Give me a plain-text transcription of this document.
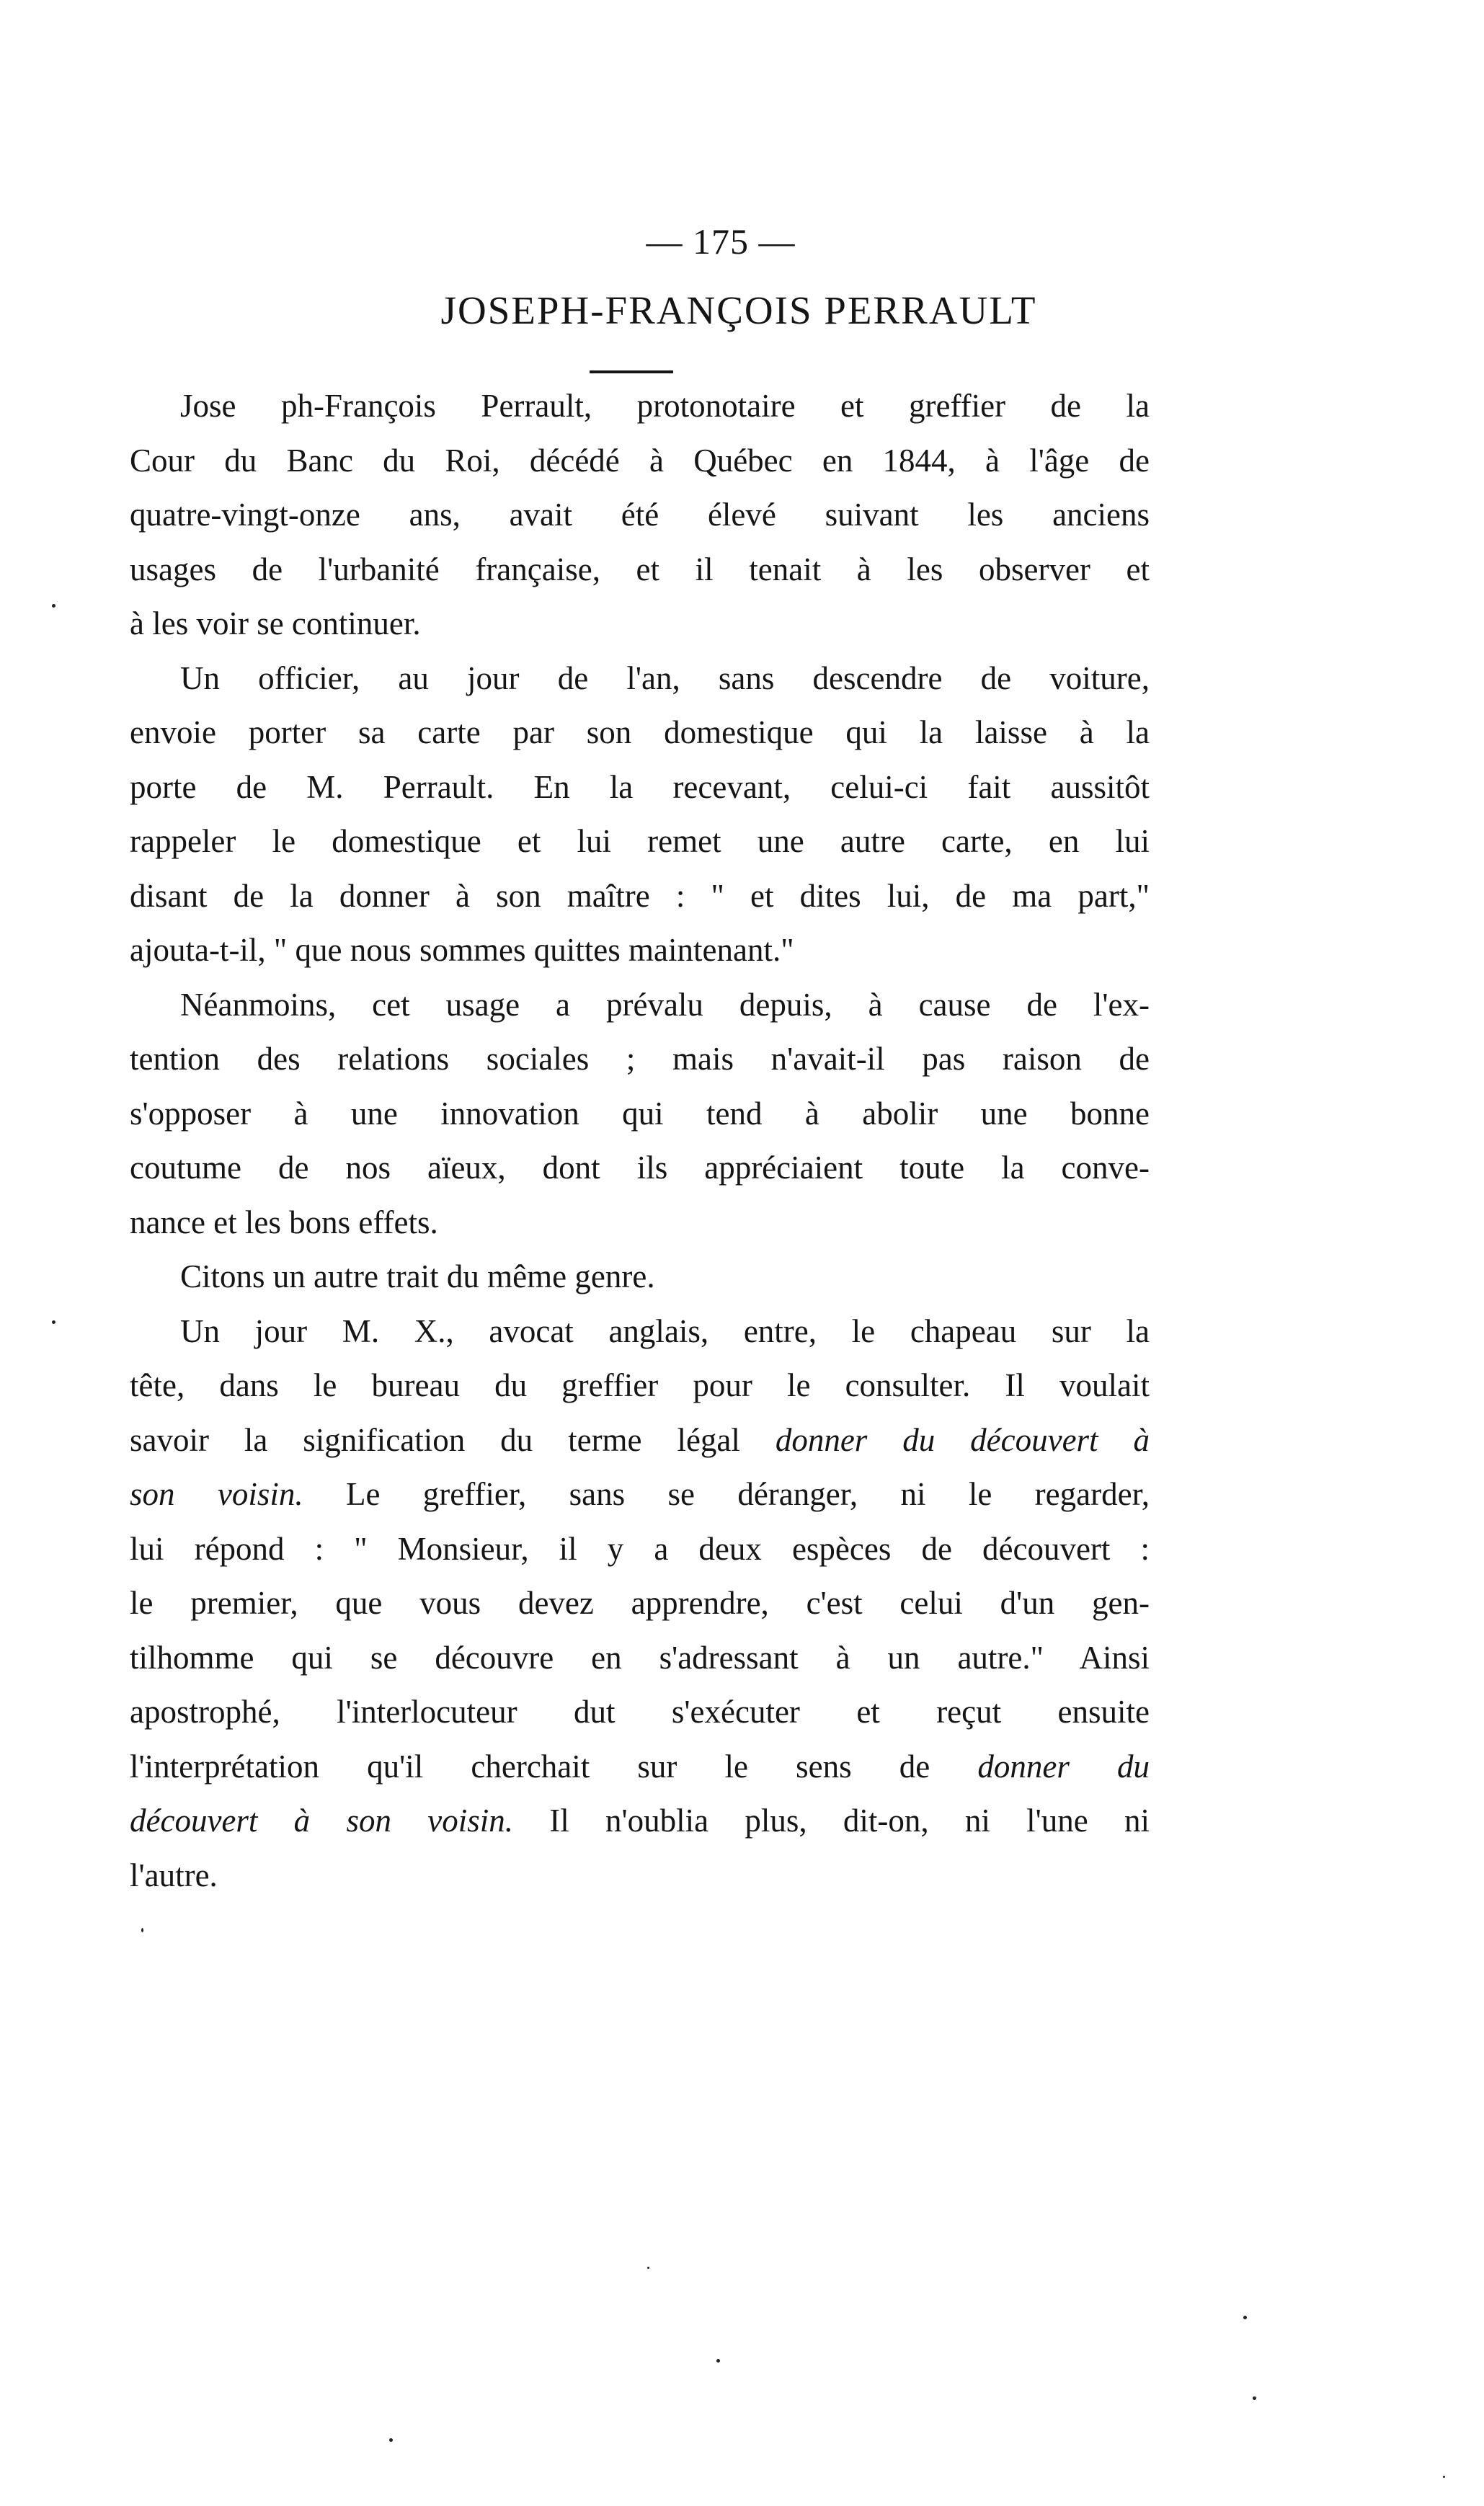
— 175 —
JOSEPH-FRANÇOIS PERRAULT
Jose ph-François Perrault, protonotaire et greffier de la
Cour du Banc du Roi, décédé à Québec en 1844, à l'âge de
quatre-vingt-onze ans, avait été élevé suivant les anciens
usages de l'urbanité française, et il tenait à les observer et
à les voir se continuer.
Un officier, au jour de l'an, sans descendre de voiture,
envoie porter sa carte par son domestique qui la laisse à la
porte de M. Perrault. En la recevant, celui-ci fait aussitôt
rappeler le domestique et lui remet une autre carte, en lui
disant de la donner à son maître : " et dites lui, de ma part,"
ajouta-t-il, " que nous sommes quittes maintenant."
Néanmoins, cet usage a prévalu depuis, à cause de l'ex-
tention des relations sociales ; mais n'avait-il pas raison de
s'opposer à une innovation qui tend à abolir une bonne
coutume de nos aïeux, dont ils appréciaient toute la conve-
nance et les bons effets.
Citons un autre trait du même genre.
Un jour M. X., avocat anglais, entre, le chapeau sur la
tête, dans le bureau du greffier pour le consulter. Il voulait
savoir la signification du terme légal donner du découvert à
son voisin. Le greffier, sans se déranger, ni le regarder,
lui répond : " Monsieur, il y a deux espèces de découvert :
le premier, que vous devez apprendre, c'est celui d'un gen-
tilhomme qui se découvre en s'adressant à un autre." Ainsi
apostrophé, l'interlocuteur dut s'exécuter et reçut ensuite
l'interprétation qu'il cherchait sur le sens de donner du
découvert à son voisin. Il n'oublia plus, dit-on, ni l'une ni
l'autre.
